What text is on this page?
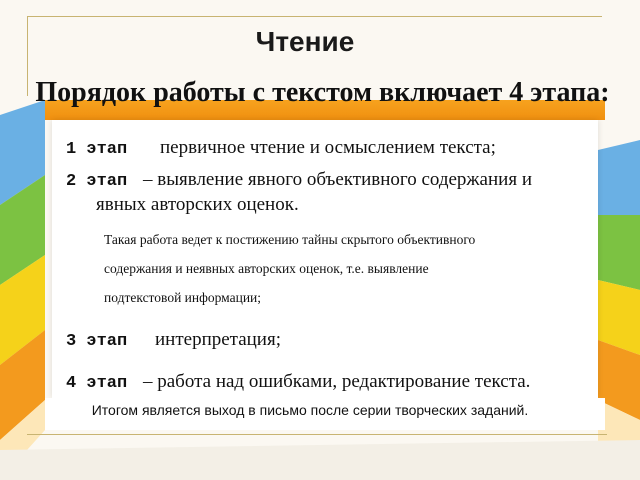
Чтение
Порядок работы с текстом включает 4 этапа:
1 этап первичное чтение и осмыслением текста;
2 этап – выявление явного объективного содержания и
явных авторских оценок.
Такая работа ведет к постижению тайны скрытого объективного
содержания и неявных авторских оценок, т.е. выявление
подтекстовой информации;
3 этап интерпретация;
4 этап – работа над ошибками, редактирование текста.
Итогом является выход в письмо после серии творческих заданий.
